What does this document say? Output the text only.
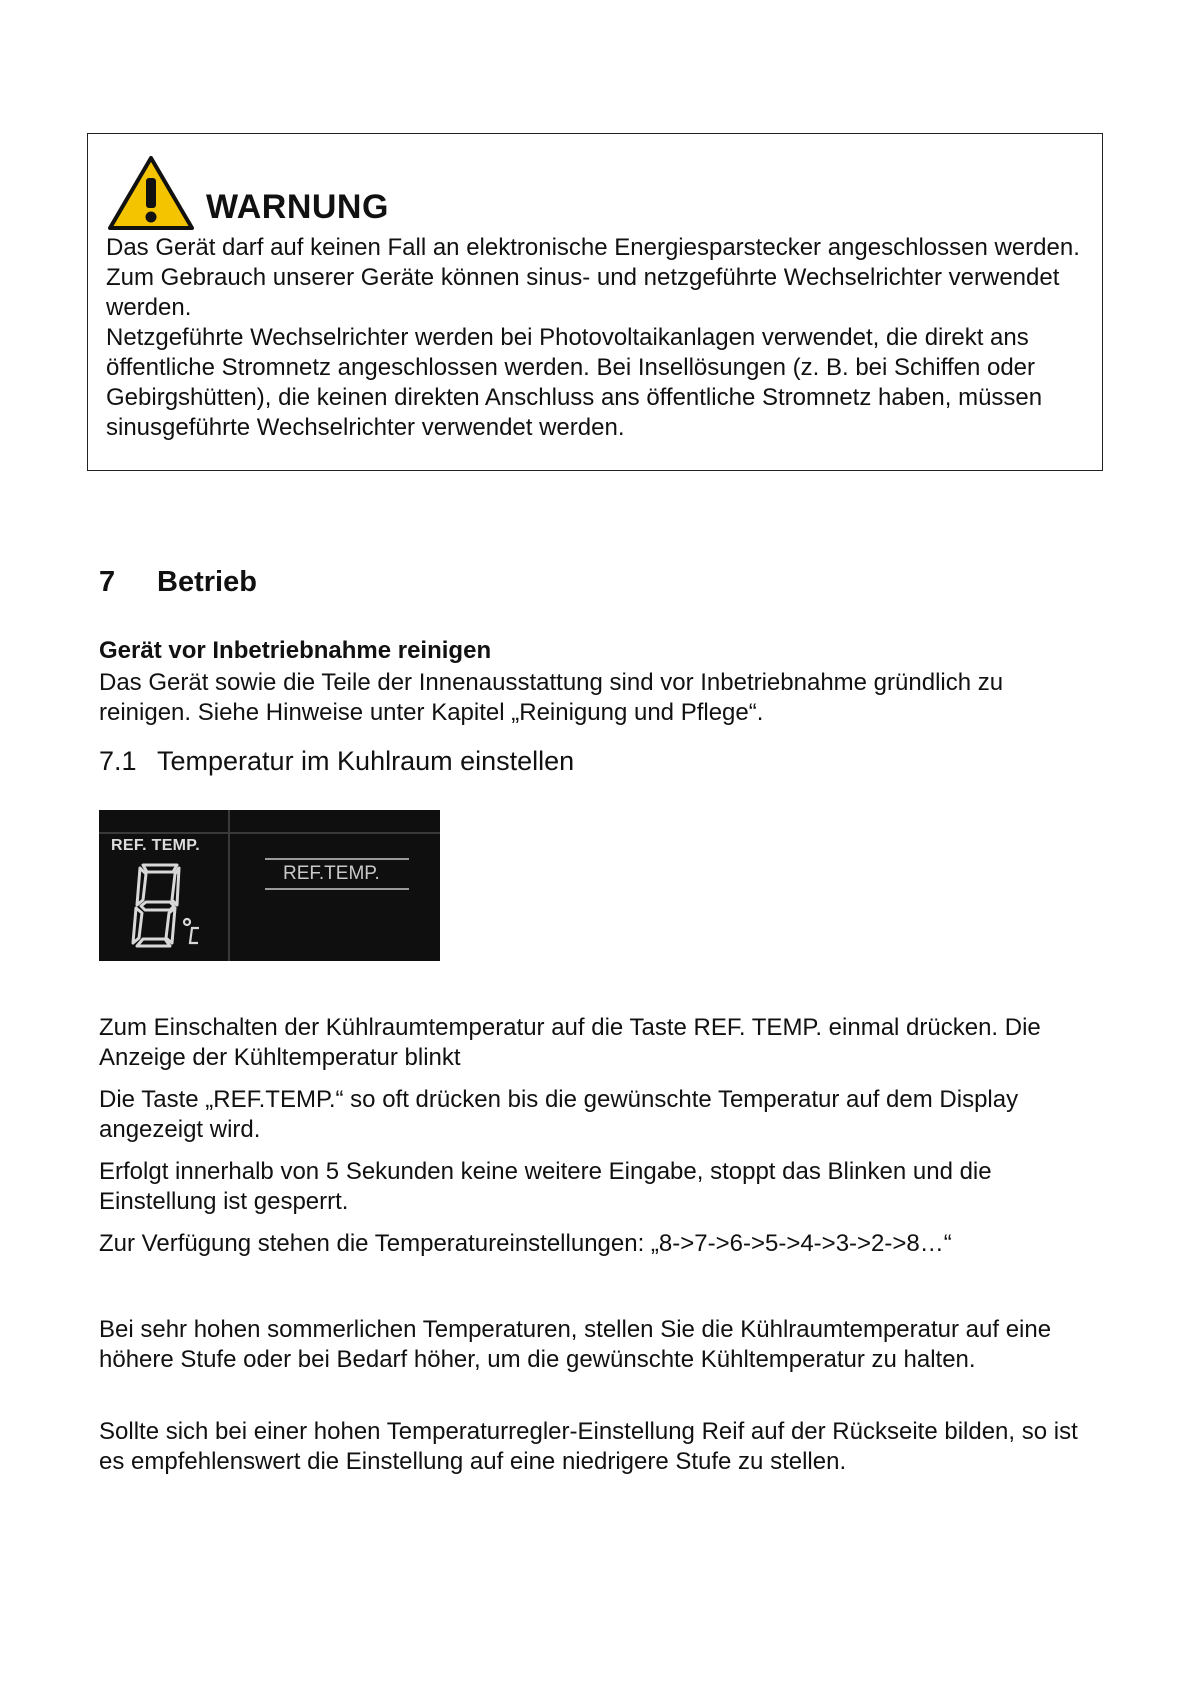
WARNUNG

Das Gerät darf auf keinen Fall an elektronische Energiesparstecker angeschlossen werden.

Zum Gebrauch unserer Geräte können sinus- und netzgeführte Wechselrichter verwendet werden.

Netzgeführte Wechselrichter werden bei Photovoltaikanlagen verwendet, die direkt ans öffentliche Stromnetz angeschlossen werden. Bei Insellösungen (z. B. bei Schiffen oder Gebirgshütten), die keinen direkten Anschluss ans öffentliche Stromnetz haben, müssen sinusgeführte Wechselrichter verwendet werden.

7 Betrieb
Gerät vor Inbetriebnahme reinigen

Das Gerät sowie die Teile der Innenausstattung sind vor Inbetriebnahme gründlich zu reinigen. Siehe Hinweise unter Kapitel „Reinigung und Pflege“.

7.1 Temperatur im Kuhlraum einstellen
REF. TEMP.
REF.TEMP.

Zum Einschalten der Kühlraumtemperatur auf die Taste REF. TEMP. einmal drücken. Die Anzeige der Kühltemperatur blinkt

Die Taste „REF.TEMP.“ so oft drücken bis die gewünschte Temperatur auf dem Display angezeigt wird.

Erfolgt innerhalb von 5 Sekunden keine weitere Eingabe, stoppt das Blinken und die Einstellung ist gesperrt.

Zur Verfügung stehen die Temperatureinstellungen: „8->7->6->5->4->3->2->8…“

Bei sehr hohen sommerlichen Temperaturen, stellen Sie die Kühlraumtemperatur auf eine höhere Stufe oder bei Bedarf höher, um die gewünschte Kühltemperatur zu halten.

Sollte sich bei einer hohen Temperaturregler-Einstellung Reif auf der Rückseite bilden, so ist es empfehlenswert die Einstellung auf eine niedrigere Stufe zu stellen.
